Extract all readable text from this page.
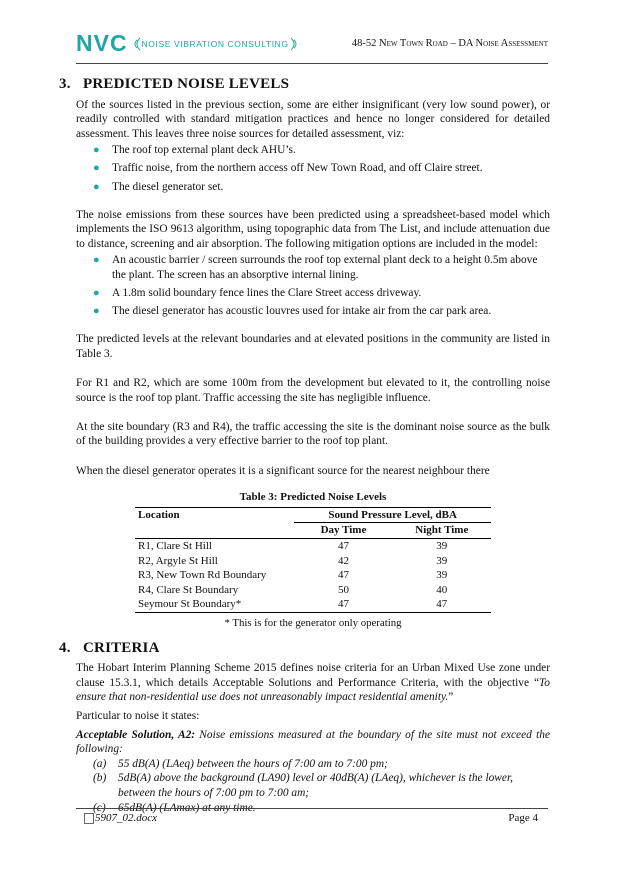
NVC NOISE VIBRATION CONSULTING	48-52 New Town Road – DA Noise Assessment
3. PREDICTED NOISE LEVELS

Of the sources listed in the previous section, some are either insignificant (very low sound power), or readily controlled with standard mitigation practices and hence no longer considered for detailed assessment. This leaves three noise sources for detailed assessment, viz:

● The roof top external plant deck AHU’s.
● Traffic noise, from the northern access off New Town Road, and off Claire street.
● The diesel generator set.

The noise emissions from these sources have been predicted using a spreadsheet-based model which implements the ISO 9613 algorithm, using topographic data from The List, and include attenuation due to distance, screening and air absorption. The following mitigation options are included in the model:

● An acoustic barrier / screen surrounds the roof top external plant deck to a height 0.5m above the plant. The screen has an absorptive internal lining.
● A 1.8m solid boundary fence lines the Clare Street access driveway.
● The diesel generator has acoustic louvres used for intake air from the car park area.

The predicted levels at the relevant boundaries and at elevated positions in the community are listed in Table 3.

For R1 and R2, which are some 100m from the development but elevated to it, the controlling noise source is the roof top plant. Traffic accessing the site has negligible influence.

At the site boundary (R3 and R4), the traffic accessing the site is the dominant noise source as the bulk of the building provides a very effective barrier to the roof top plant.

When the diesel generator operates it is a significant source for the nearest neighbour there

Table 3: Predicted Noise Levels
Location	Sound Pressure Level, dBA	
	Day Time	Night Time
R1, Clare St Hill	47	39
R2, Argyle St Hill	42	39
R3, New Town Rd Boundary	47	39
R4, Clare St Boundary	50	40
Seymour St Boundary*	47	47
* This is for the generator only operating
4. CRITERIA

The Hobart Interim Planning Scheme 2015 defines noise criteria for an Urban Mixed Use zone under clause 15.3.1, which details Acceptable Solutions and Performance Criteria, with the objective “To ensure that non-residential use does not unreasonably impact residential amenity.”

Particular to noise it states:

Acceptable Solution, A2: Noise emissions measured at the boundary of the site must not exceed the following:

(a) 55 dB(A) (LAeq) between the hours of 7:00 am to 7:00 pm;
(b) 5dB(A) above the background (LA90) level or 40dB(A) (LAeq), whichever is the lower, between the hours of 7:00 pm to 7:00 am;
(c) 65dB(A) (LAmax) at any time.
5907_02.docx	Page 4
